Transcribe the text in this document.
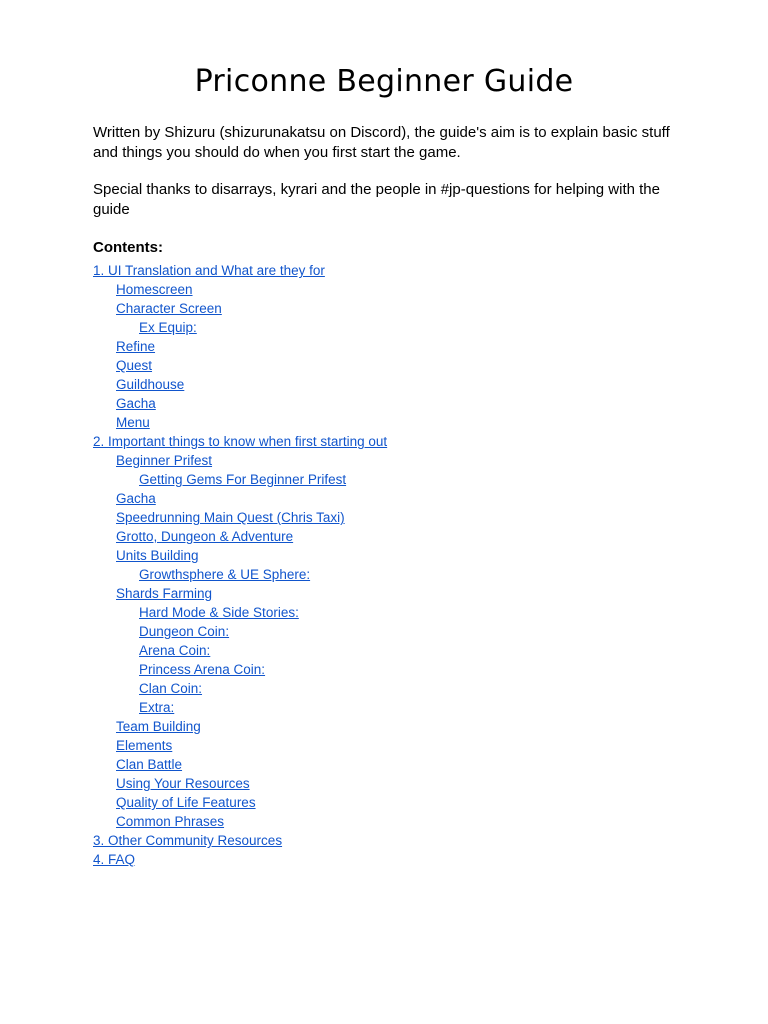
Priconne Beginner Guide

Written by Shizuru (shizurunakatsu on Discord), the guide's aim is to explain basic stuff and things you should do when you first start the game.

Special thanks to disarrays, kyrari and the people in #jp-questions for helping with the guide

Contents:

1. UI Translation and What are they for
Homescreen
Character Screen
Ex Equip:
Refine
Quest
Guildhouse
Gacha
Menu
2. Important things to know when first starting out
Beginner Prifest
Getting Gems For Beginner Prifest
Gacha
Speedrunning Main Quest (Chris Taxi)
Grotto, Dungeon & Adventure
Units Building
Growthsphere & UE Sphere:
Shards Farming
Hard Mode & Side Stories:
Dungeon Coin:
Arena Coin:
Princess Arena Coin:
Clan Coin:
Extra:
Team Building
Elements
Clan Battle
Using Your Resources
Quality of Life Features
Common Phrases
3. Other Community Resources
4. FAQ
